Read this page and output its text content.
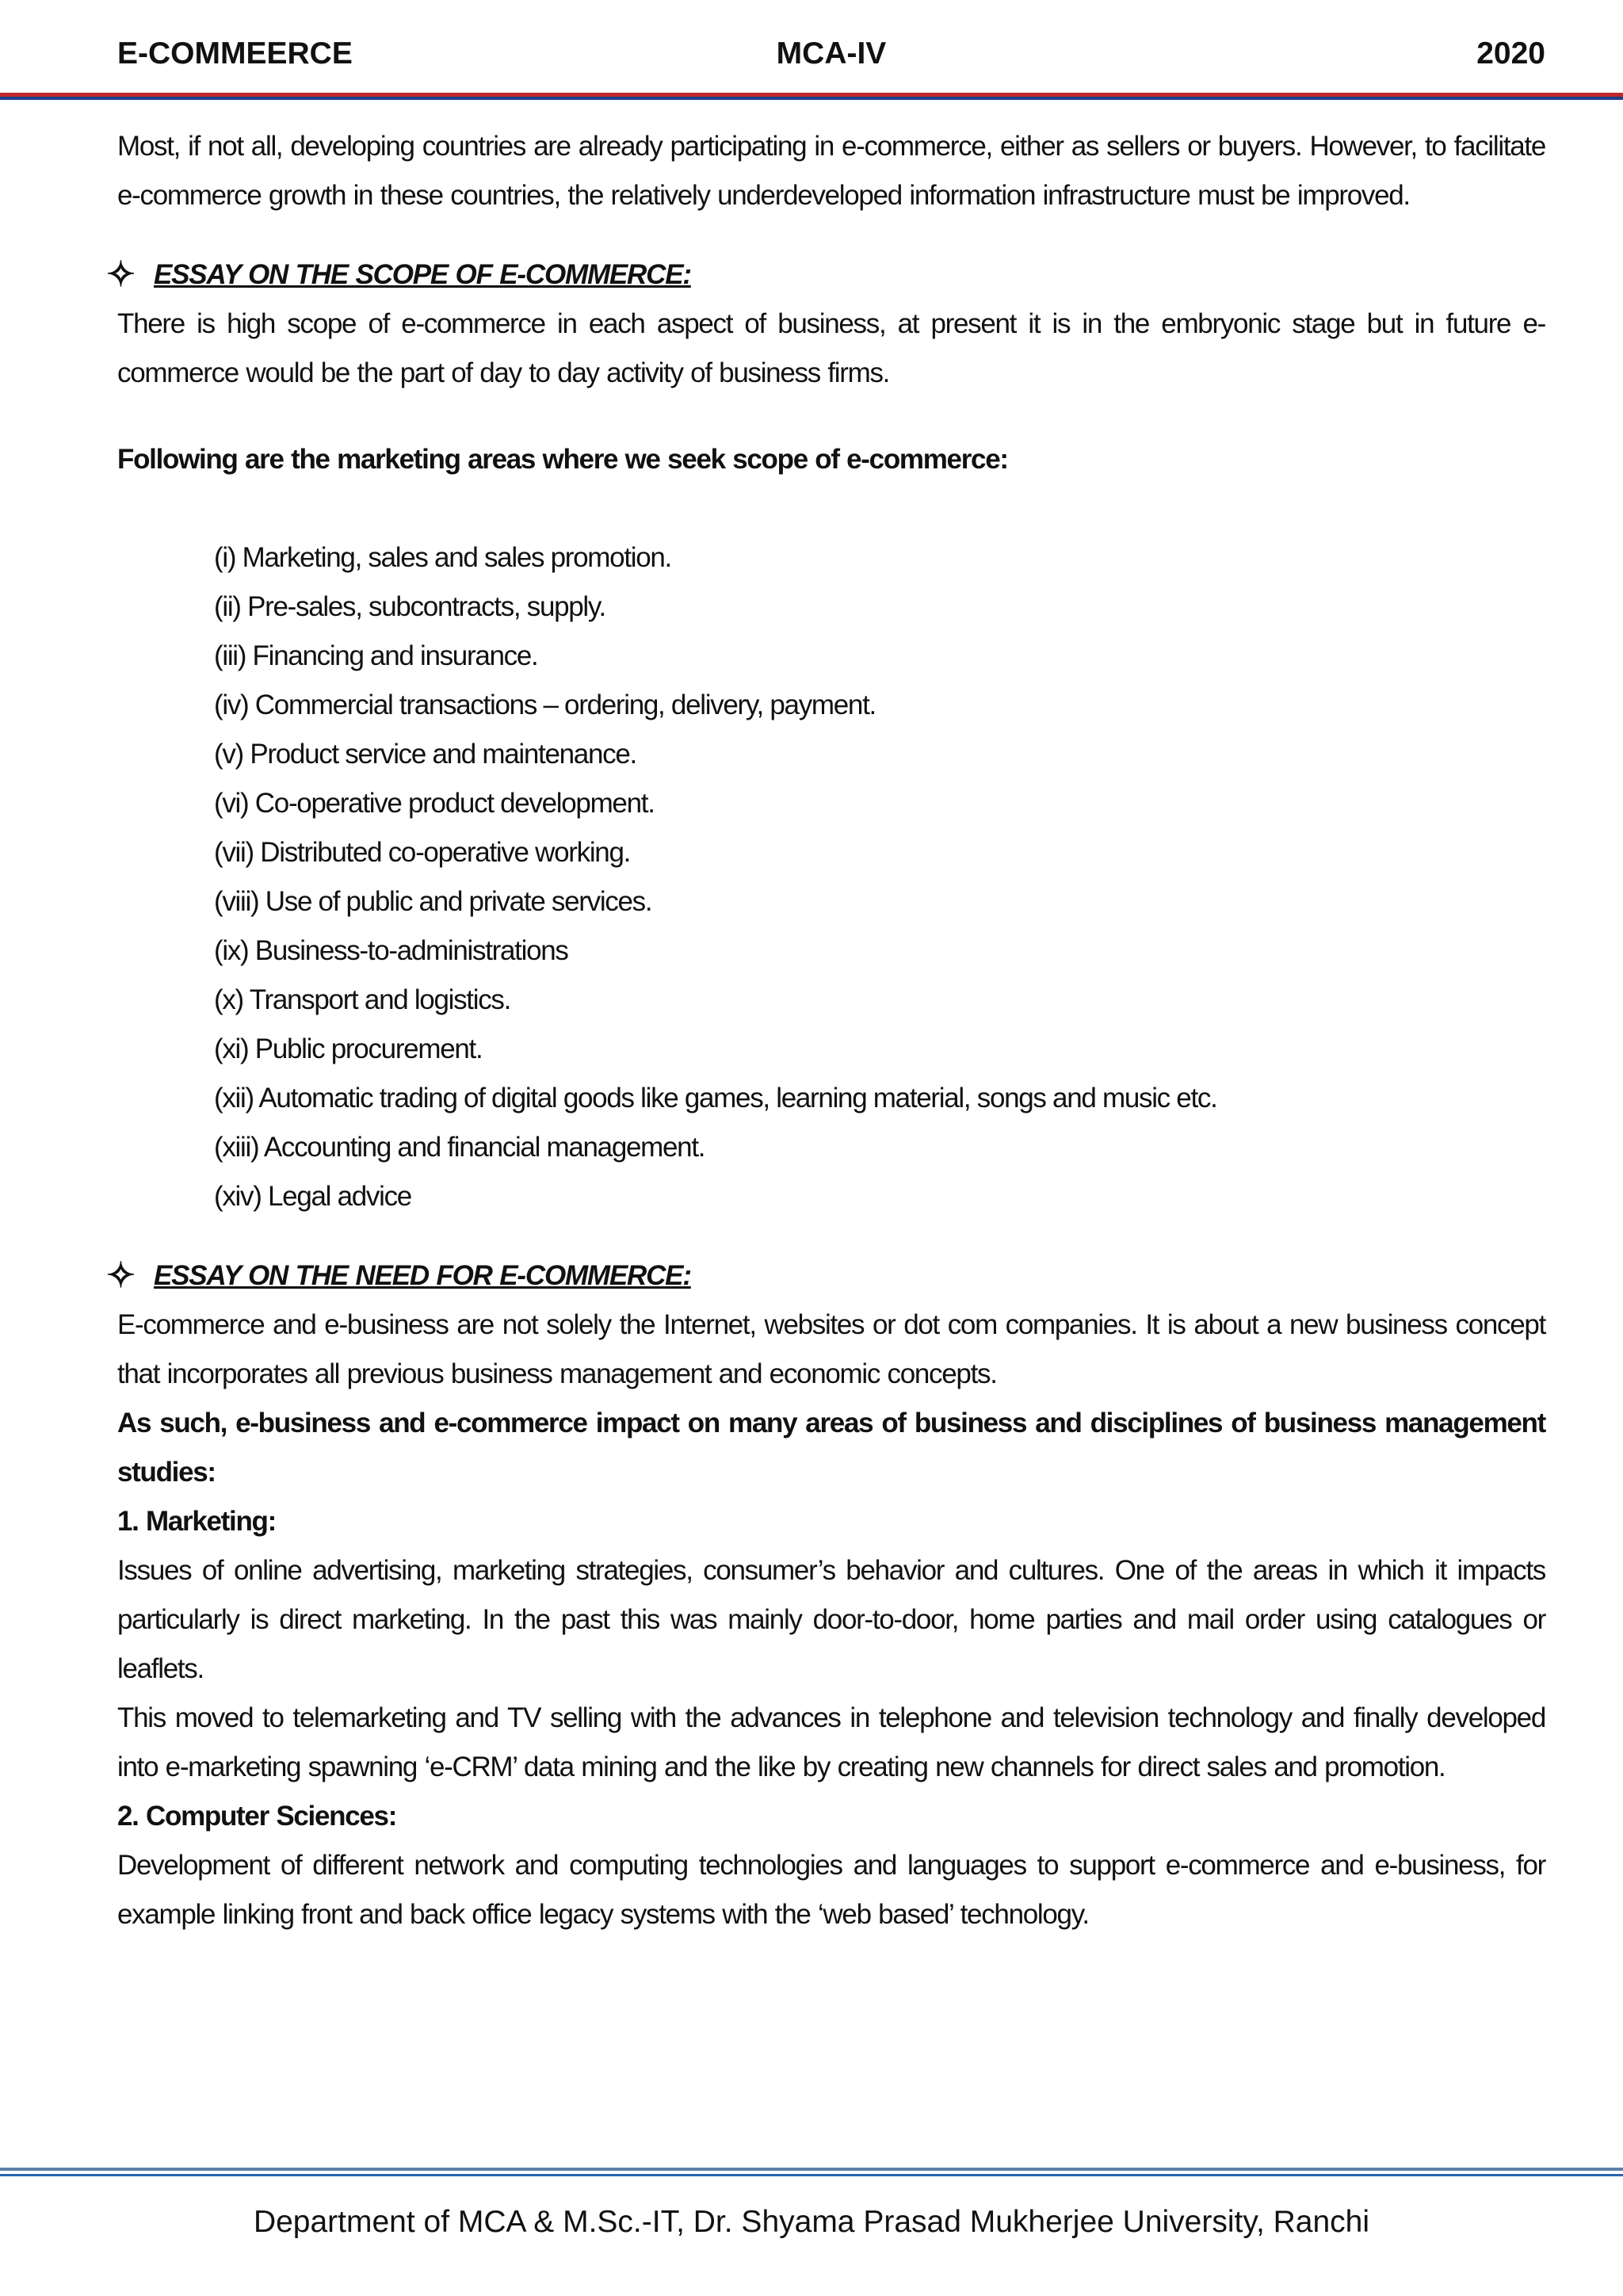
E-COMMEERCE	MCA-IV	2020

Most, if not all, developing countries are already participating in e-commerce, either as sellers or buyers. However, to facilitate e-commerce growth in these countries, the relatively underdeveloped information infrastructure must be improved.

✧ ESSAY ON THE SCOPE OF E-COMMERCE:

There is high scope of e-commerce in each aspect of business, at present it is in the embryonic stage but in future e-commerce would be the part of day to day activity of business firms.

Following are the marketing areas where we seek scope of e-commerce:

(i) Marketing, sales and sales promotion.
(ii) Pre-sales, subcontracts, supply.
(iii) Financing and insurance.
(iv) Commercial transactions – ordering, delivery, payment.
(v) Product service and maintenance.
(vi) Co-operative product development.
(vii) Distributed co-operative working.
(viii) Use of public and private services.
(ix) Business-to-administrations
(x) Transport and logistics.
(xi) Public procurement.
(xii) Automatic trading of digital goods like games, learning material, songs and music etc.
(xiii) Accounting and financial management.
(xiv) Legal advice

✧ ESSAY ON THE NEED FOR E-COMMERCE:

E-commerce and e-business are not solely the Internet, websites or dot com companies. It is about a new business concept that incorporates all previous business management and economic concepts.

As such, e-business and e-commerce impact on many areas of business and disciplines of business management studies:

1. Marketing:

Issues of online advertising, marketing strategies, consumer’s behavior and cultures. One of the areas in which it impacts particularly is direct marketing. In the past this was mainly door-to-door, home parties and mail order using catalogues or leaflets.

This moved to telemarketing and TV selling with the advances in telephone and television technology and finally developed into e-marketing spawning ‘e-CRM’ data mining and the like by creating new channels for direct sales and promotion.

2. Computer Sciences:

Development of different network and computing technologies and languages to support e-commerce and e-business, for example linking front and back office legacy systems with the ‘web based’ technology.

Department of MCA & M.Sc.-IT, Dr. Shyama Prasad Mukherjee University, Ranchi
